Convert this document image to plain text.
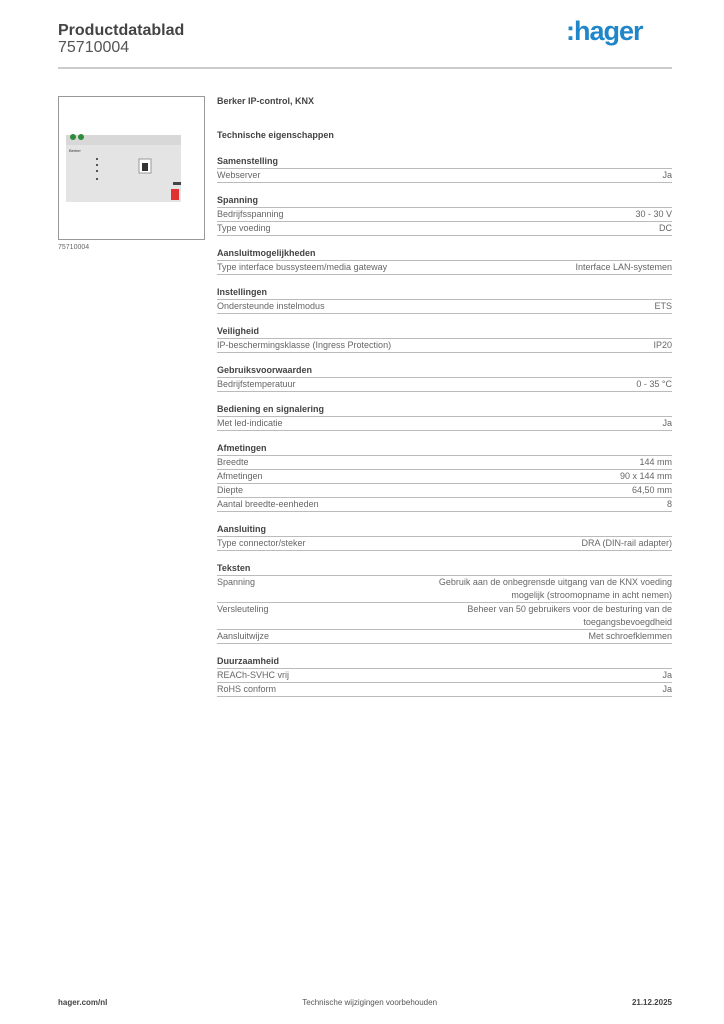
Productdatablad
75710004
:hager
Berker
75710004
Berker IP-control, KNX
Technische eigenschappen
Samenstelling
Webserver	Ja
Spanning
Bedrijfsspanning	30 - 30 V
Type voeding	DC
Aansluitmogelijkheden
Type interface bussysteem/media gateway	Interface LAN-systemen
Instellingen
Ondersteunde instelmodus	ETS
Veiligheid
IP-beschermingsklasse (Ingress Protection)	IP20
Gebruiksvoorwaarden
Bedrijfstemperatuur	0 - 35 °C
Bediening en signalering
Met led-indicatie	Ja
Afmetingen
Breedte	144 mm
Afmetingen	90 x 144 mm
Diepte	64,50 mm
Aantal breedte-eenheden	8
Aansluiting
Type connector/steker	DRA (DIN-rail adapter)
Teksten
Spanning	Gebruik aan de onbegrensde uitgang van de KNX voeding mogelijk (stroomopname in acht nemen)
Versleuteling	Beheer van 50 gebruikers voor de besturing van de toegangsbevoegdheid
Aansluitwijze	Met schroefklemmen
Duurzaamheid
REACh-SVHC vrij	Ja
RoHS conform	Ja
hager.com/nl	Technische wijzigingen voorbehouden	21.12.2025
